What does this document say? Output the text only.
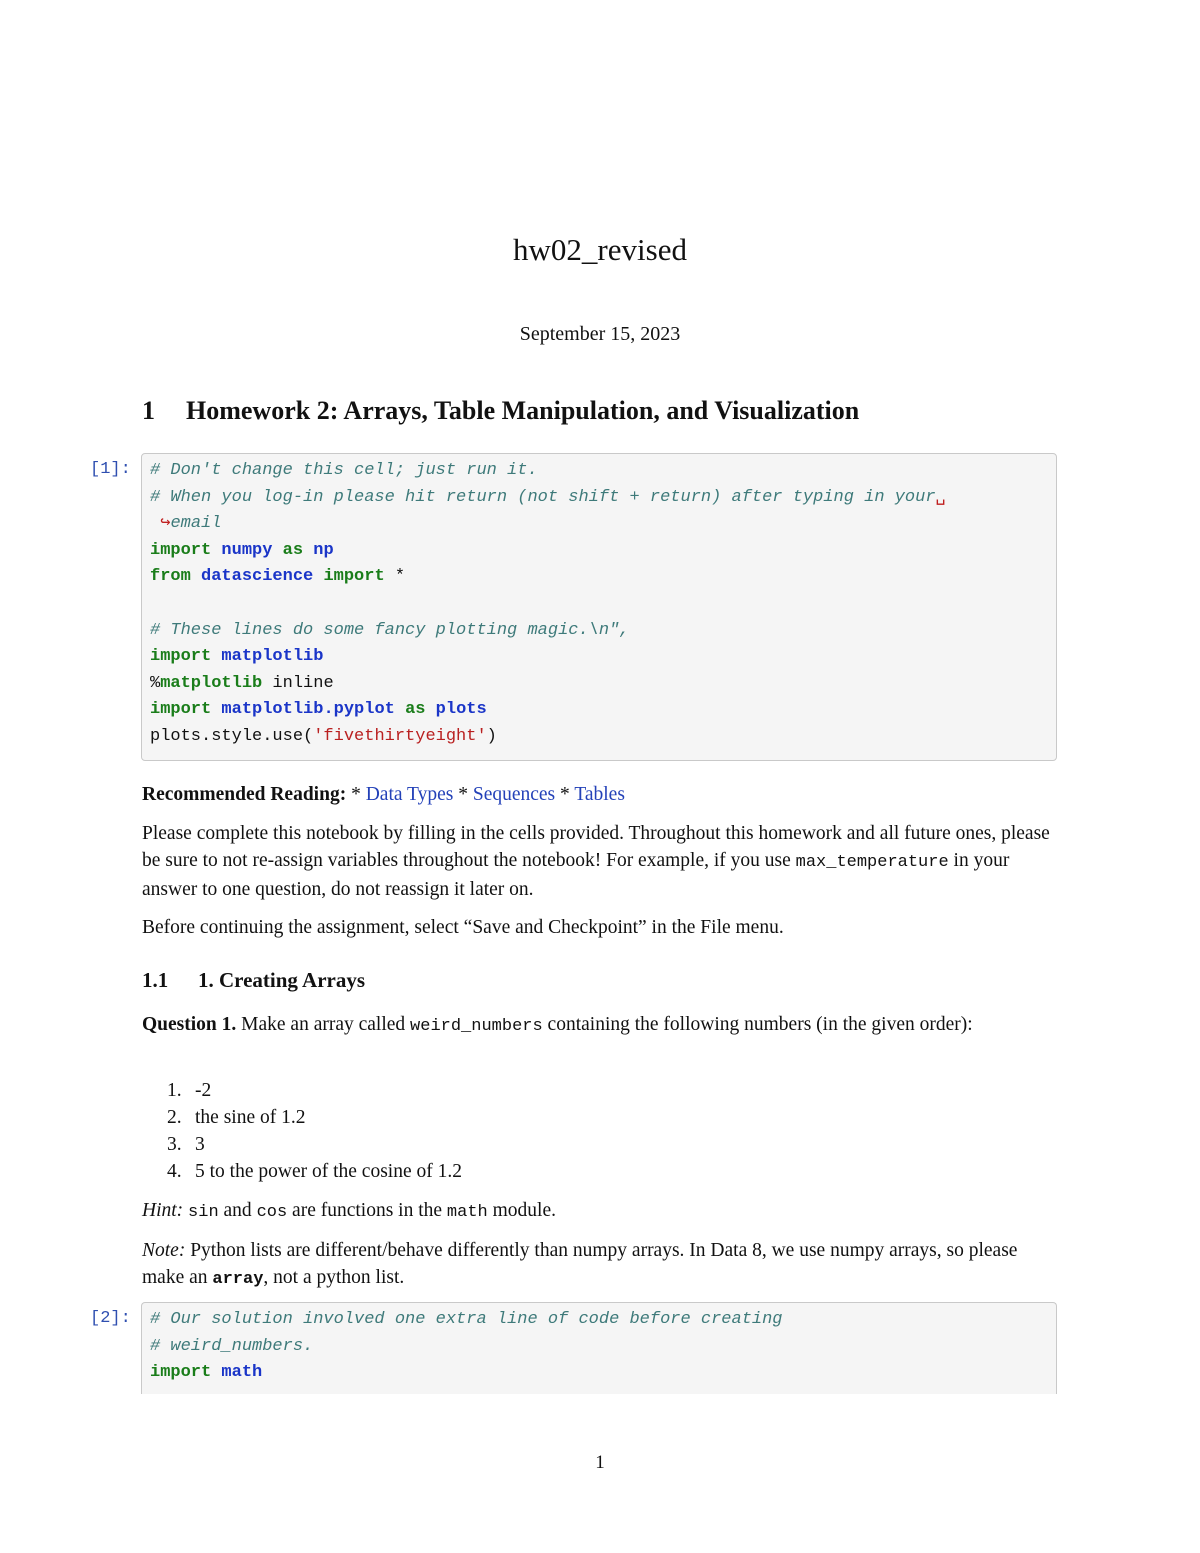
hw02_revised
September 15, 2023
1 Homework 2: Arrays, Table Manipulation, and Visualization
[1]: # Don't change this cell; just run it.
# When you log-in please hit return (not shift + return) after typing in your␣
↪email
import numpy as np
from datascience import *

# These lines do some fancy plotting magic.\n",
import matplotlib
%matplotlib inline
import matplotlib.pyplot as plots
plots.style.use('fivethirtyeight')
Recommended Reading: * Data Types * Sequences * Tables
Please complete this notebook by filling in the cells provided. Throughout this homework and all future ones, please be sure to not re-assign variables throughout the notebook! For example, if you use max_temperature in your answer to one question, do not reassign it later on.
Before continuing the assignment, select “Save and Checkpoint” in the File menu.
1.1 1. Creating Arrays
Question 1. Make an array called weird_numbers containing the following numbers (in the given order):
1. -2
2. the sine of 1.2
3. 3
4. 5 to the power of the cosine of 1.2
Hint: sin and cos are functions in the math module.
Note: Python lists are different/behave differently than numpy arrays. In Data 8, we use numpy arrays, so please make an array, not a python list.
[2]: # Our solution involved one extra line of code before creating
# weird_numbers.
import math
1
